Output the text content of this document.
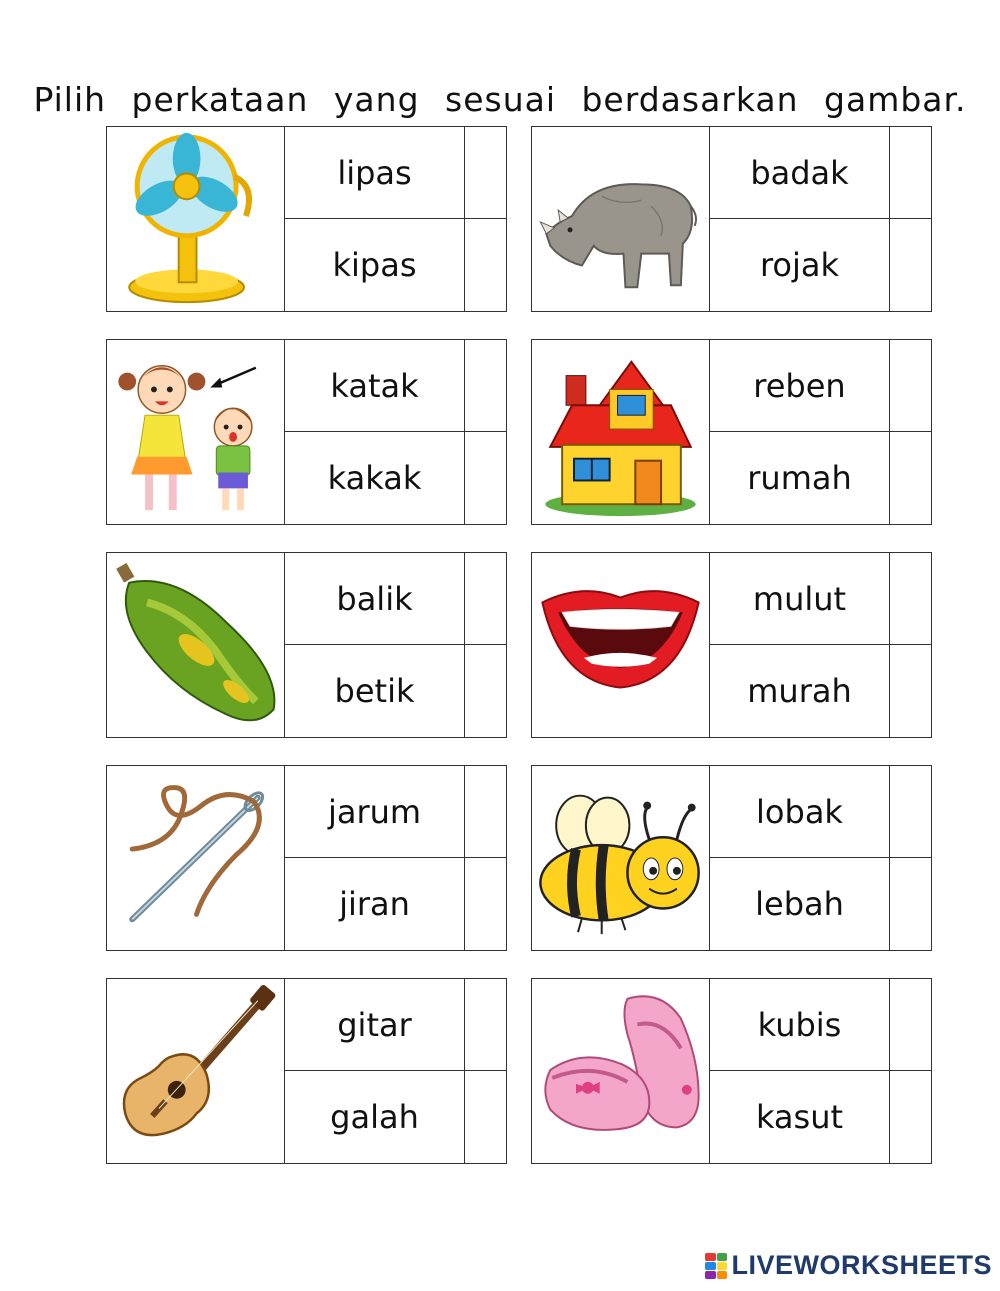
Pilih perkataan yang sesuai berdasarkan gambar.
lipas
kipas
badak
rojak
katak
kakak
reben
rumah
balik
betik
mulut
murah
jarum
jiran
lobak
lebah
gitar
galah
kubis
kasut
LIVEWORKSHEETS
